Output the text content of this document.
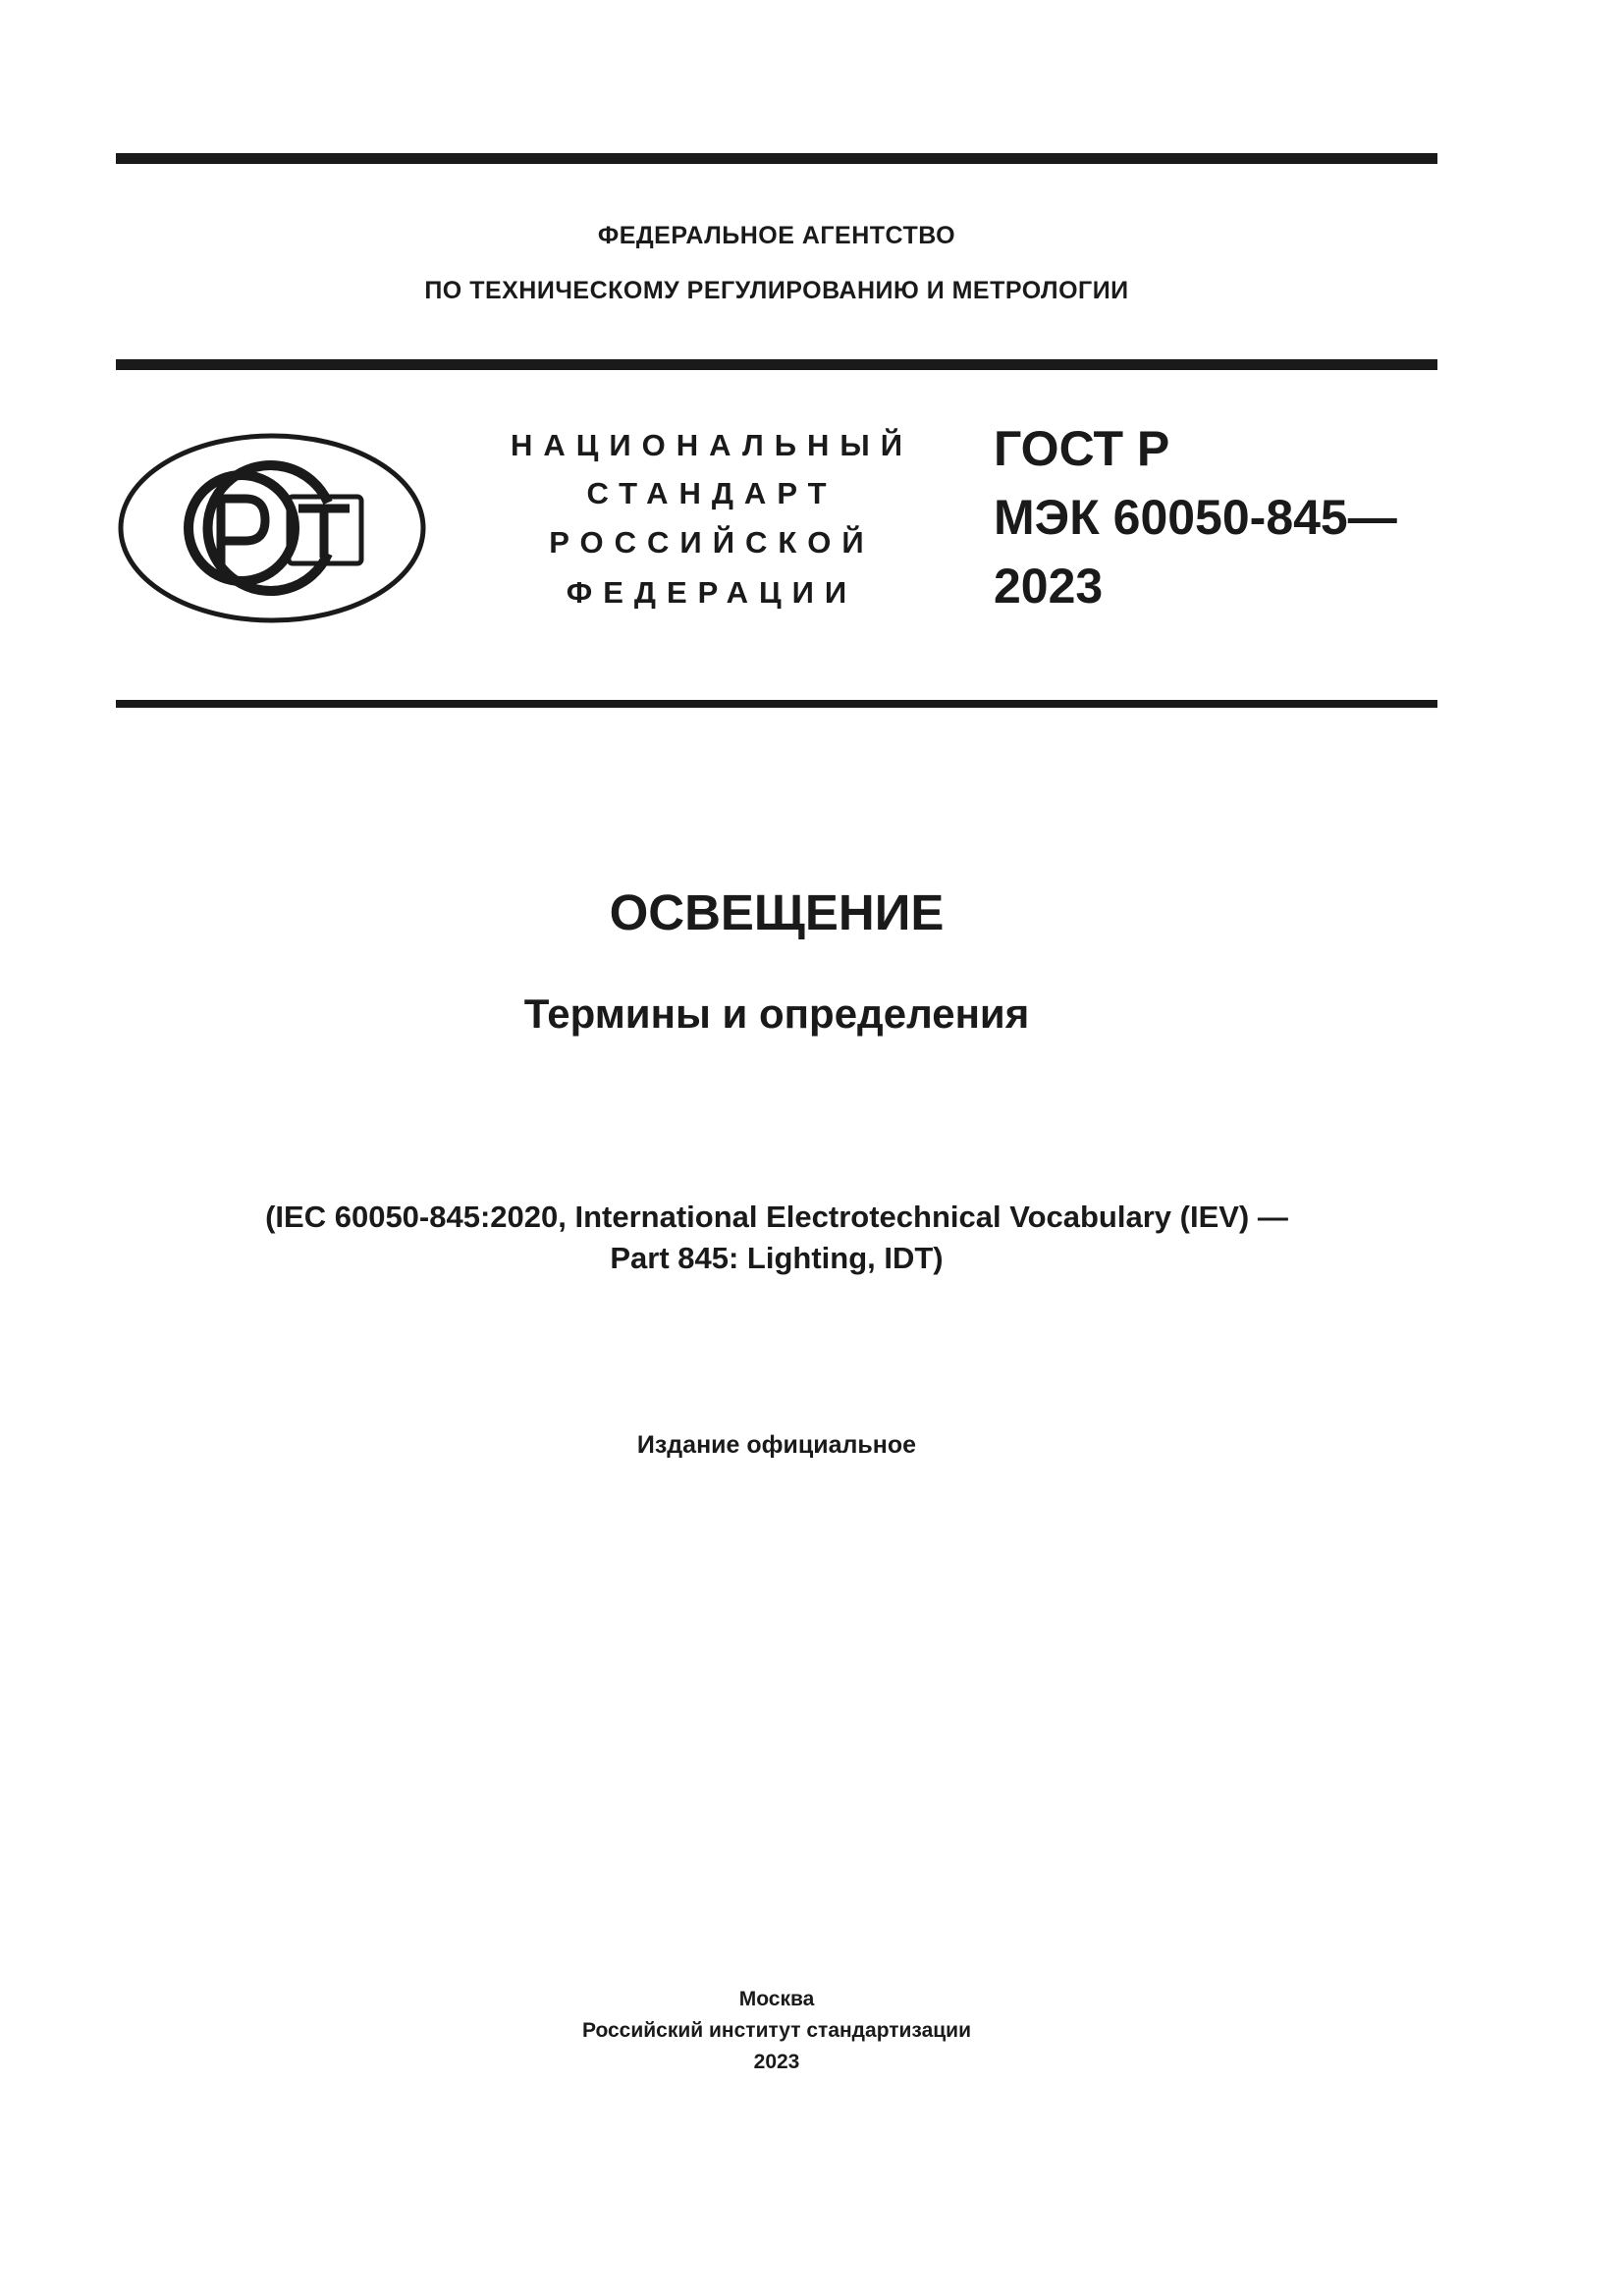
ФЕДЕРАЛЬНОЕ АГЕНТСТВО
ПО ТЕХНИЧЕСКОМУ РЕГУЛИРОВАНИЮ И МЕТРОЛОГИИ
НАЦИОНАЛЬНЫЙ
СТАНДАРТ
РОССИЙСКОЙ
ФЕДЕРАЦИИ
ГОСТ Р
МЭК 60050-845—
2023
ОСВЕЩЕНИЕ
Термины и определения
(IEC 60050-845:2020, International Electrotechnical Vocabulary (IEV) —
Part 845: Lighting, IDT)
Издание официальное
Москва
Российский институт стандартизации
2023
